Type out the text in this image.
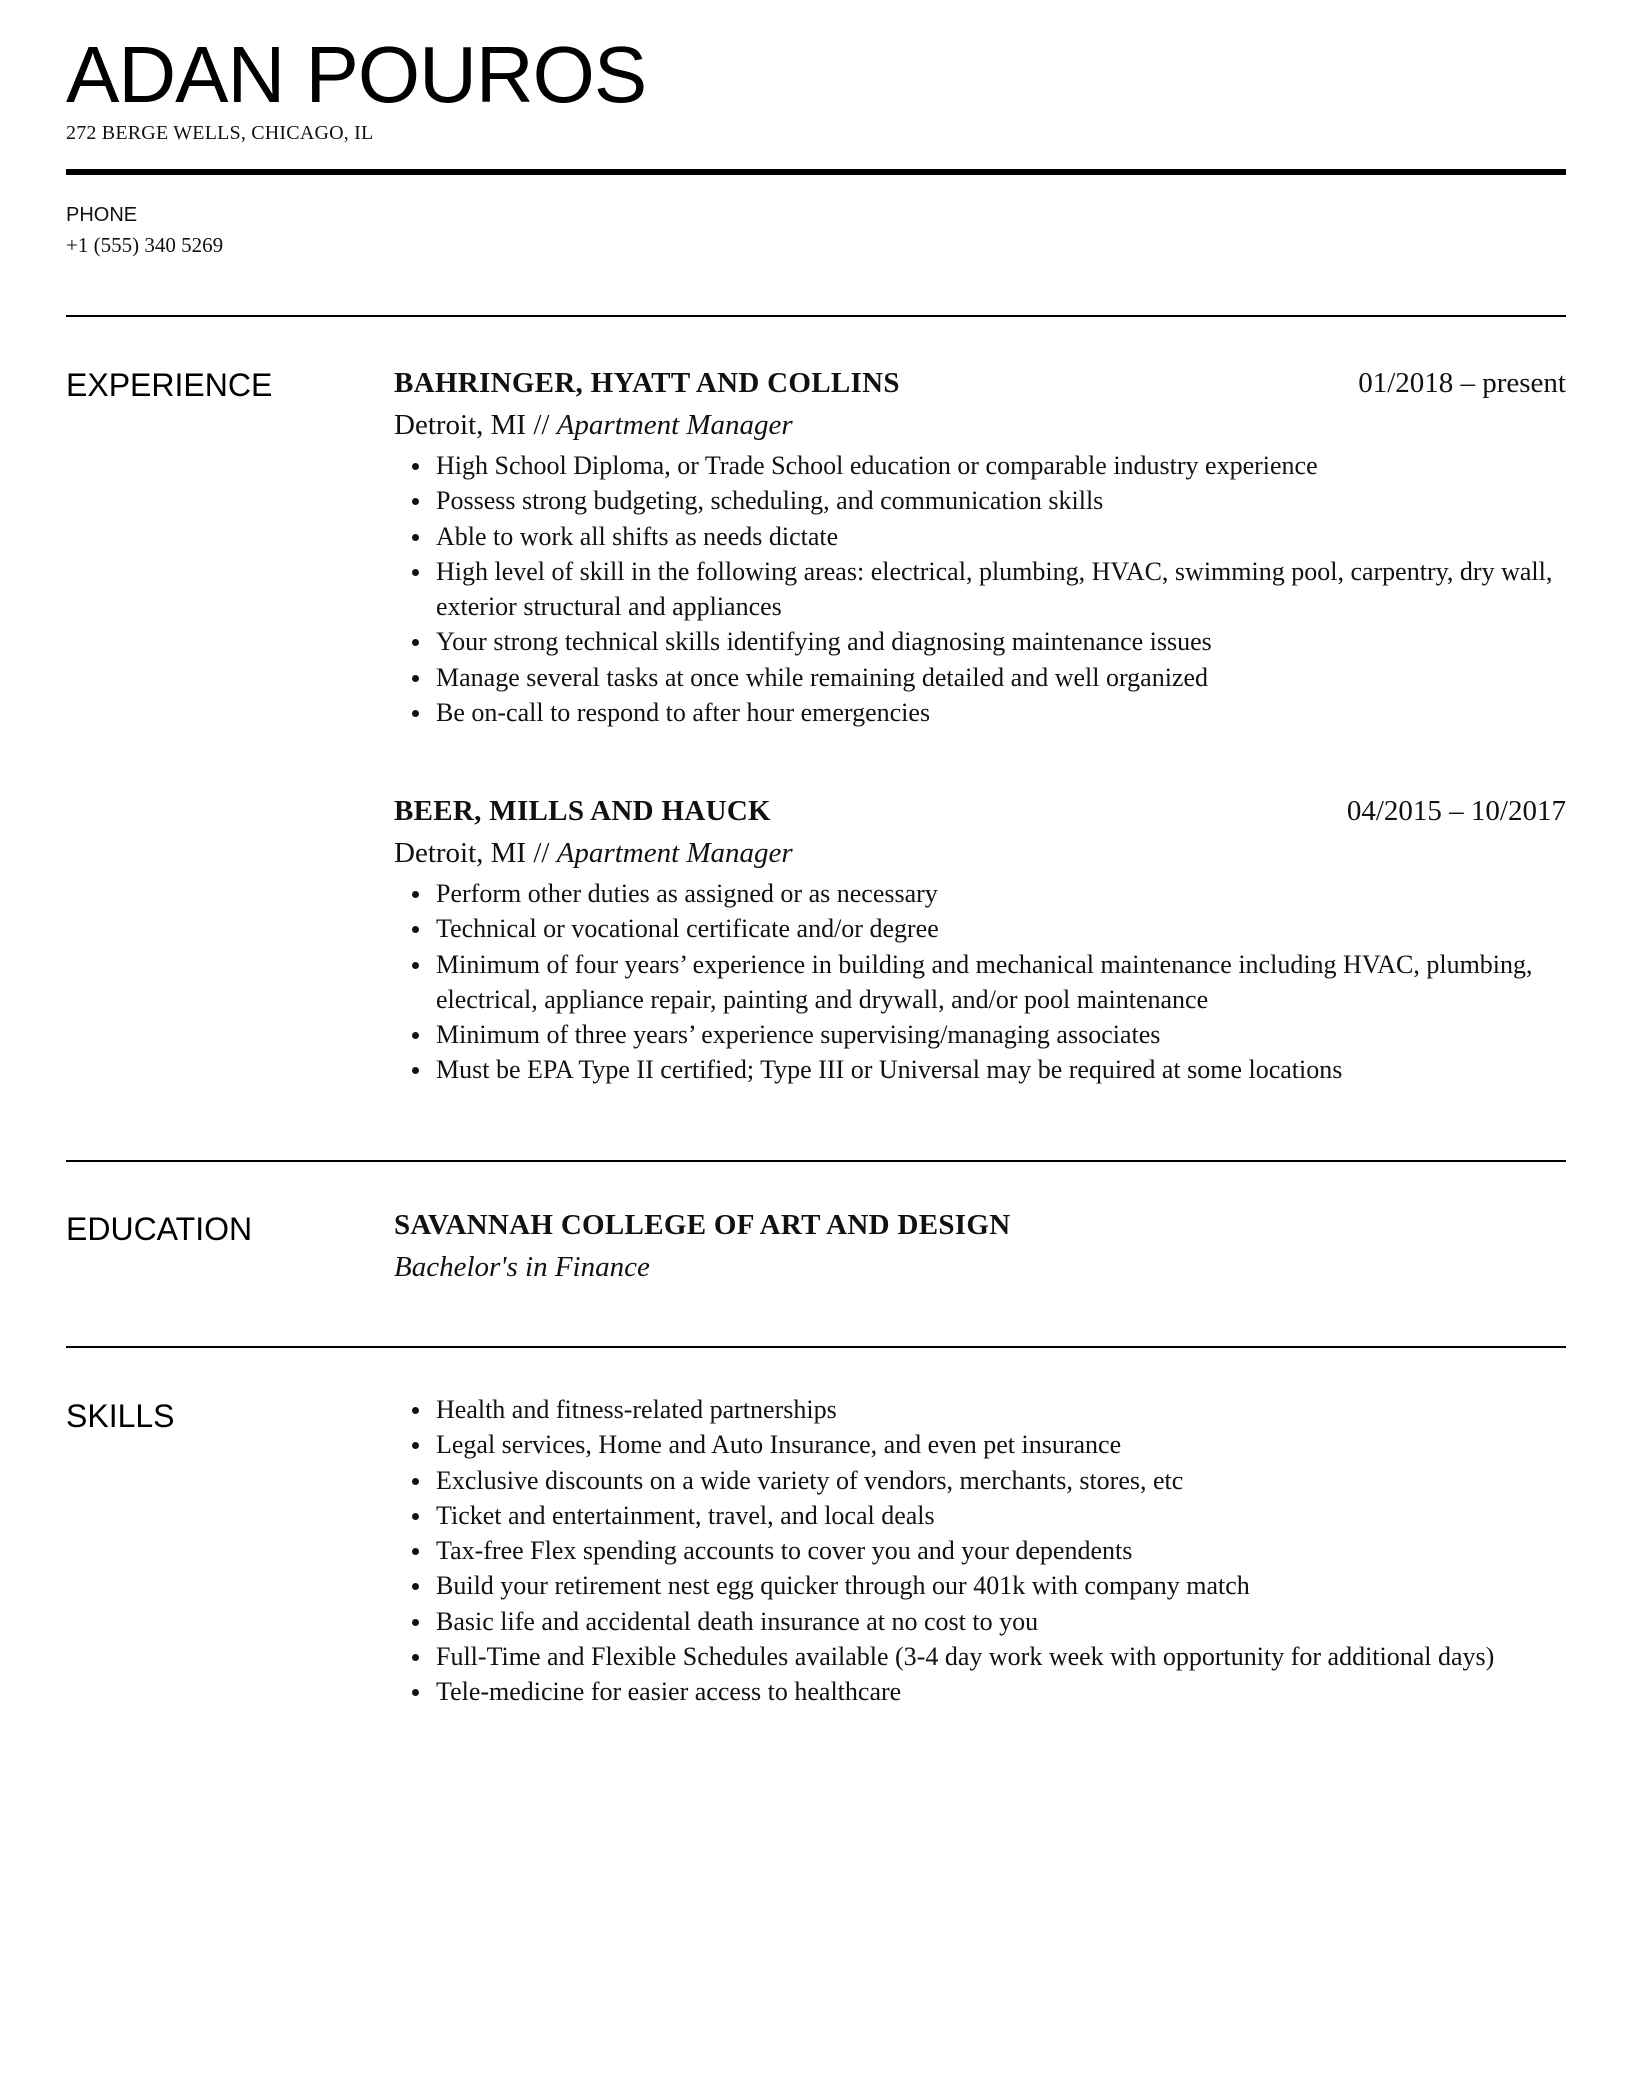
ADAN POUROS
272 BERGE WELLS, CHICAGO, IL
PHONE
+1 (555) 340 5269
EXPERIENCE	BAHRINGER, HYATT AND COLLINS	01/2018 – present
Detroit, MI // Apartment Manager
High School Diploma, or Trade School education or comparable industry experience
Possess strong budgeting, scheduling, and communication skills
Able to work all shifts as needs dictate
High level of skill in the following areas: electrical, plumbing, HVAC, swimming pool, carpentry, dry wall, exterior structural and appliances
Your strong technical skills identifying and diagnosing maintenance issues
Manage several tasks at once while remaining detailed and well organized
Be on-call to respond to after hour emergencies
BEER, MILLS AND HAUCK	04/2015 – 10/2017
Detroit, MI // Apartment Manager
Perform other duties as assigned or as necessary
Technical or vocational certificate and/or degree
Minimum of four years’ experience in building and mechanical maintenance including HVAC, plumbing, electrical, appliance repair, painting and drywall, and/or pool maintenance
Minimum of three years’ experience supervising/managing associates
Must be EPA Type II certified; Type III or Universal may be required at some locations
EDUCATION	SAVANNAH COLLEGE OF ART AND DESIGN
Bachelor's in Finance
SKILLS	Health and fitness-related partnerships
Legal services, Home and Auto Insurance, and even pet insurance
Exclusive discounts on a wide variety of vendors, merchants, stores, etc
Ticket and entertainment, travel, and local deals
Tax-free Flex spending accounts to cover you and your dependents
Build your retirement nest egg quicker through our 401k with company match
Basic life and accidental death insurance at no cost to you
Full-Time and Flexible Schedules available (3-4 day work week with opportunity for additional days)
Tele-medicine for easier access to healthcare
